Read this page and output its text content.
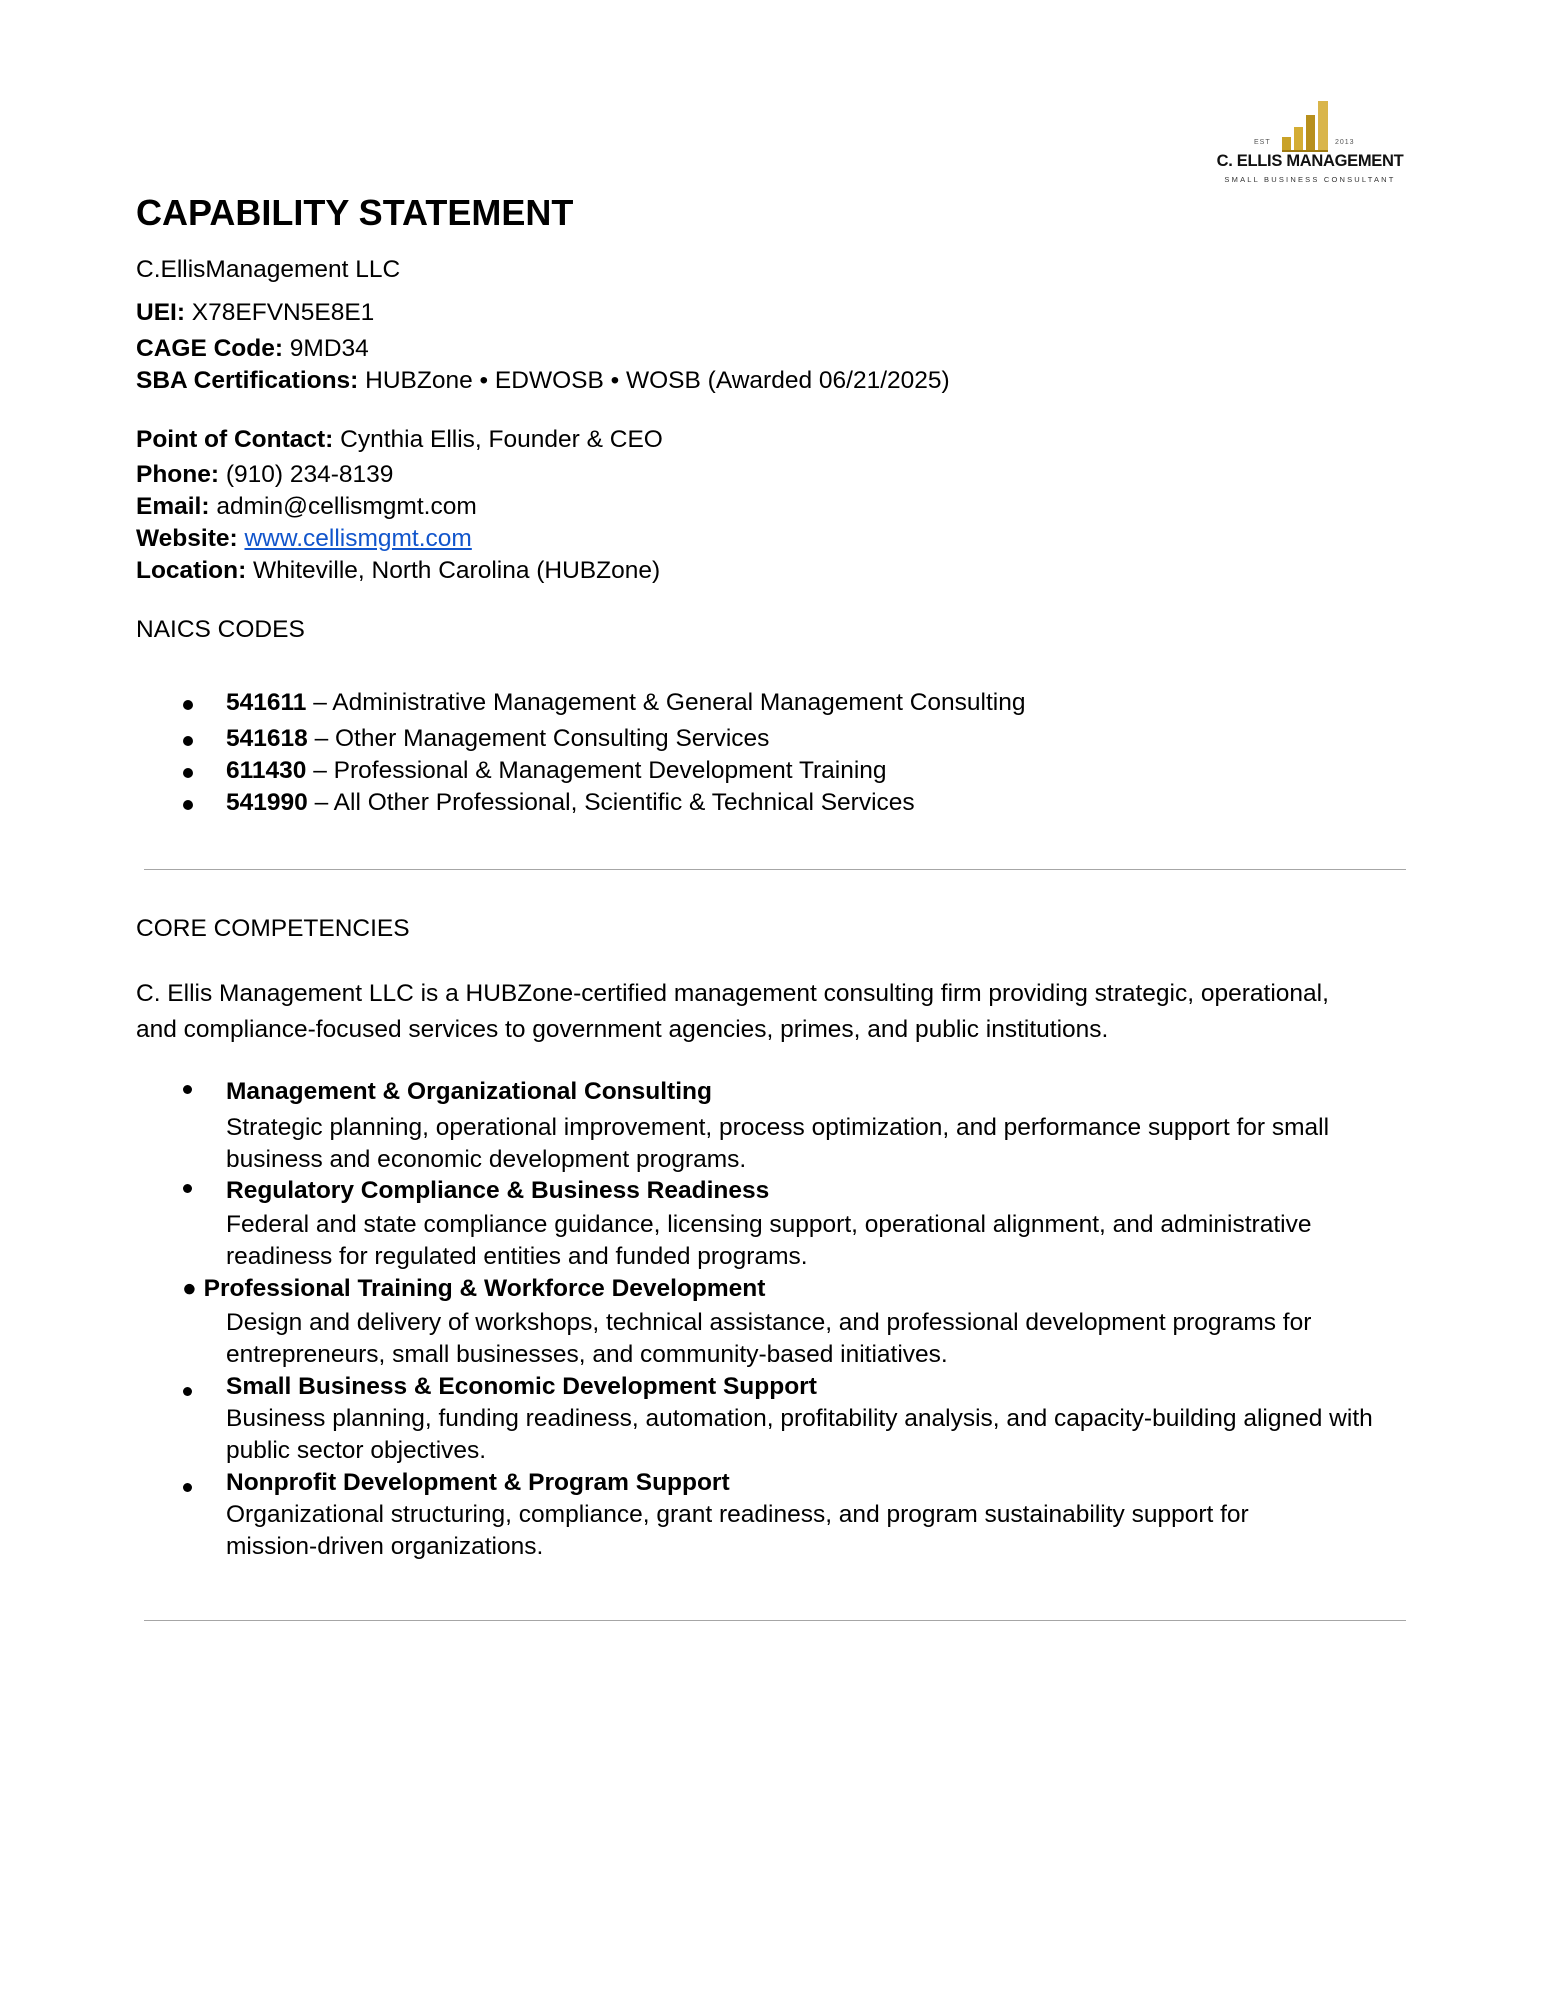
EST	2013
C. ELLIS MANAGEMENT
SMALL BUSINESS CONSULTANT
CAPABILITY STATEMENT
C.EllisManagement LLC
UEI: X78EFVN5E8E1
CAGE Code: 9MD34
SBA Certifications: HUBZone • EDWOSB • WOSB (Awarded 06/21/2025)
Point of Contact: Cynthia Ellis, Founder & CEO
Phone: (910) 234-8139
Email: admin@cellismgmt.com
Website: www.cellismgmt.com
Location: Whiteville, North Carolina (HUBZone)
NAICS CODES
541611 – Administrative Management & General Management Consulting
541618 – Other Management Consulting Services
611430 – Professional & Management Development Training
541990 – All Other Professional, Scientific & Technical Services
CORE COMPETENCIES
C. Ellis Management LLC is a HUBZone-certified management consulting firm providing strategic, operational,
and compliance-focused services to government agencies, primes, and public institutions.
Management & Organizational Consulting
Strategic planning, operational improvement, process optimization, and performance support for small
business and economic development programs.
Regulatory Compliance & Business Readiness
Federal and state compliance guidance, licensing support, operational alignment, and administrative
readiness for regulated entities and funded programs.
● Professional Training & Workforce Development
Design and delivery of workshops, technical assistance, and professional development programs for
entrepreneurs, small businesses, and community-based initiatives.
Small Business & Economic Development Support
Business planning, funding readiness, automation, profitability analysis, and capacity-building aligned with
public sector objectives.
Nonprofit Development & Program Support
Organizational structuring, compliance, grant readiness, and program sustainability support for
mission-driven organizations.
